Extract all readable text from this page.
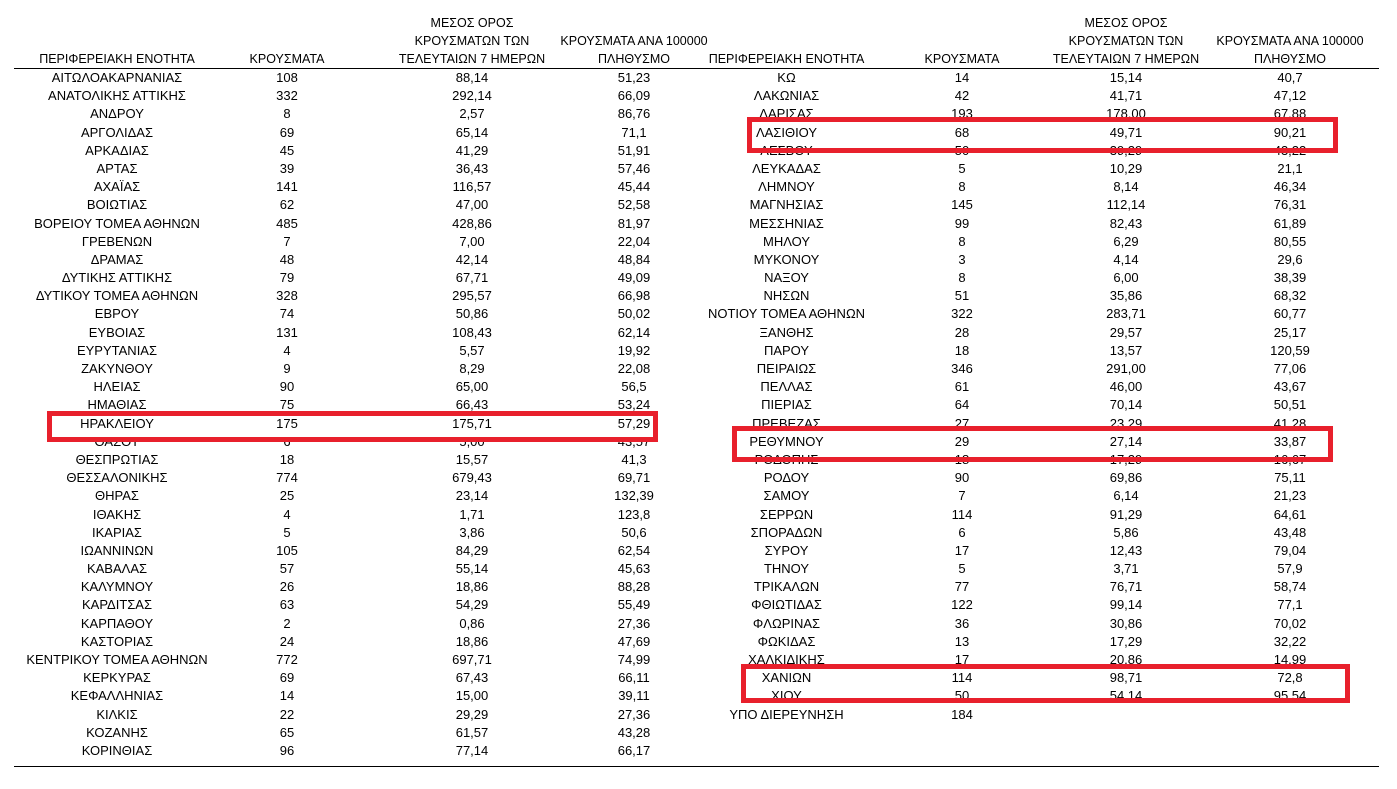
ΠΕΡΙΦΕΡΕΙΑΚΗ ΕΝΟΤΗΤΑ	ΚΡΟΥΣΜΑΤΑ
ΜΕΣΟΣ ΟΡΟΣ
ΚΡΟΥΣΜΑΤΩΝ ΤΩΝ
ΤΕΛΕΥΤΑΙΩΝ 7 ΗΜΕΡΩΝ
ΚΡΟΥΣΜΑΤΑ ΑΝΑ 100000
ΠΛΗΘΥΣΜΟ
ΑΙΤΩΛΟΑΚΑΡΝΑΝΙΑΣ	108	88,14	51,23
ΑΝΑΤΟΛΙΚΗΣ ΑΤΤΙΚΗΣ	332	292,14	66,09
ΑΝΔΡΟΥ	8	2,57	86,76
ΑΡΓΟΛΙΔΑΣ	69	65,14	71,1
ΑΡΚΑΔΙΑΣ	45	41,29	51,91
ΑΡΤΑΣ	39	36,43	57,46
ΑΧΑΪΑΣ	141	116,57	45,44
ΒΟΙΩΤΙΑΣ	62	47,00	52,58
ΒΟΡΕΙΟΥ ΤΟΜΕΑ ΑΘΗΝΩΝ	485	428,86	81,97
ΓΡΕΒΕΝΩΝ	7	7,00	22,04
ΔΡΑΜΑΣ	48	42,14	48,84
ΔΥΤΙΚΗΣ ΑΤΤΙΚΗΣ	79	67,71	49,09
ΔΥΤΙΚΟΥ ΤΟΜΕΑ ΑΘΗΝΩΝ	328	295,57	66,98
ΕΒΡΟΥ	74	50,86	50,02
ΕΥΒΟΙΑΣ	131	108,43	62,14
ΕΥΡΥΤΑΝΙΑΣ	4	5,57	19,92
ΖΑΚΥΝΘΟΥ	9	8,29	22,08
ΗΛΕΙΑΣ	90	65,00	56,5
ΗΜΑΘΙΑΣ	75	66,43	53,24
ΗΡΑΚΛΕΙΟΥ	175	175,71	57,29
ΘΑΣΟΥ	6	5,00	43,57
ΘΕΣΠΡΩΤΙΑΣ	18	15,57	41,3
ΘΕΣΣΑΛΟΝΙΚΗΣ	774	679,43	69,71
ΘΗΡΑΣ	25	23,14	132,39
ΙΘΑΚΗΣ	4	1,71	123,8
ΙΚΑΡΙΑΣ	5	3,86	50,6
ΙΩΑΝΝΙΝΩΝ	105	84,29	62,54
ΚΑΒΑΛΑΣ	57	55,14	45,63
ΚΑΛΥΜΝΟΥ	26	18,86	88,28
ΚΑΡΔΙΤΣΑΣ	63	54,29	55,49
ΚΑΡΠΑΘΟΥ	2	0,86	27,36
ΚΑΣΤΟΡΙΑΣ	24	18,86	47,69
ΚΕΝΤΡΙΚΟΥ ΤΟΜΕΑ ΑΘΗΝΩΝ	772	697,71	74,99
ΚΕΡΚΥΡΑΣ	69	67,43	66,11
ΚΕΦΑΛΛΗΝΙΑΣ	14	15,00	39,11
ΚΙΛΚΙΣ	22	29,29	27,36
ΚΟΖΑΝΗΣ	65	61,57	43,28
ΚΟΡΙΝΘΙΑΣ	96	77,14	66,17
ΠΕΡΙΦΕΡΕΙΑΚΗ ΕΝΟΤΗΤΑ	ΚΡΟΥΣΜΑΤΑ
ΜΕΣΟΣ ΟΡΟΣ
ΚΡΟΥΣΜΑΤΩΝ ΤΩΝ
ΤΕΛΕΥΤΑΙΩΝ 7 ΗΜΕΡΩΝ
ΚΡΟΥΣΜΑΤΑ ΑΝΑ 100000
ΠΛΗΘΥΣΜΟ
ΚΩ	14	15,14	40,7
ΛΑΚΩΝΙΑΣ	42	41,71	47,12
ΛΑΡΙΣΑΣ	193	178,00	67,88
ΛΑΣΙΘΙΟΥ	68	49,71	90,21
ΛΕΣΒΟΥ	50	39,29	43,22
ΛΕΥΚΑΔΑΣ	5	10,29	21,1
ΛΗΜΝΟΥ	8	8,14	46,34
ΜΑΓΝΗΣΙΑΣ	145	112,14	76,31
ΜΕΣΣΗΝΙΑΣ	99	82,43	61,89
ΜΗΛΟΥ	8	6,29	80,55
ΜΥΚΟΝΟΥ	3	4,14	29,6
ΝΑΞΟΥ	8	6,00	38,39
ΝΗΣΩΝ	51	35,86	68,32
ΝΟΤΙΟΥ ΤΟΜΕΑ ΑΘΗΝΩΝ	322	283,71	60,77
ΞΑΝΘΗΣ	28	29,57	25,17
ΠΑΡΟΥ	18	13,57	120,59
ΠΕΙΡΑΙΩΣ	346	291,00	77,06
ΠΕΛΛΑΣ	61	46,00	43,67
ΠΙΕΡΙΑΣ	64	70,14	50,51
ΠΡΕΒΕΖΑΣ	27	23,29	41,28
ΡΕΘΥΜΝΟΥ	29	27,14	33,87
ΡΟΔΟΠΗΣ	18	17,29	16,67
ΡΟΔΟΥ	90	69,86	75,11
ΣΑΜΟΥ	7	6,14	21,23
ΣΕΡΡΩΝ	114	91,29	64,61
ΣΠΟΡΑΔΩΝ	6	5,86	43,48
ΣΥΡΟΥ	17	12,43	79,04
ΤΗΝΟΥ	5	3,71	57,9
ΤΡΙΚΑΛΩΝ	77	76,71	58,74
ΦΘΙΩΤΙΔΑΣ	122	99,14	77,1
ΦΛΩΡΙΝΑΣ	36	30,86	70,02
ΦΩΚΙΔΑΣ	13	17,29	32,22
ΧΑΛΚΙΔΙΚΗΣ	17	20,86	14,99
ΧΑΝΙΩΝ	114	98,71	72,8
ΧΙΟΥ	50	54,14	95,54
ΥΠΟ ΔΙΕΡΕΥΝΗΣΗ	184
